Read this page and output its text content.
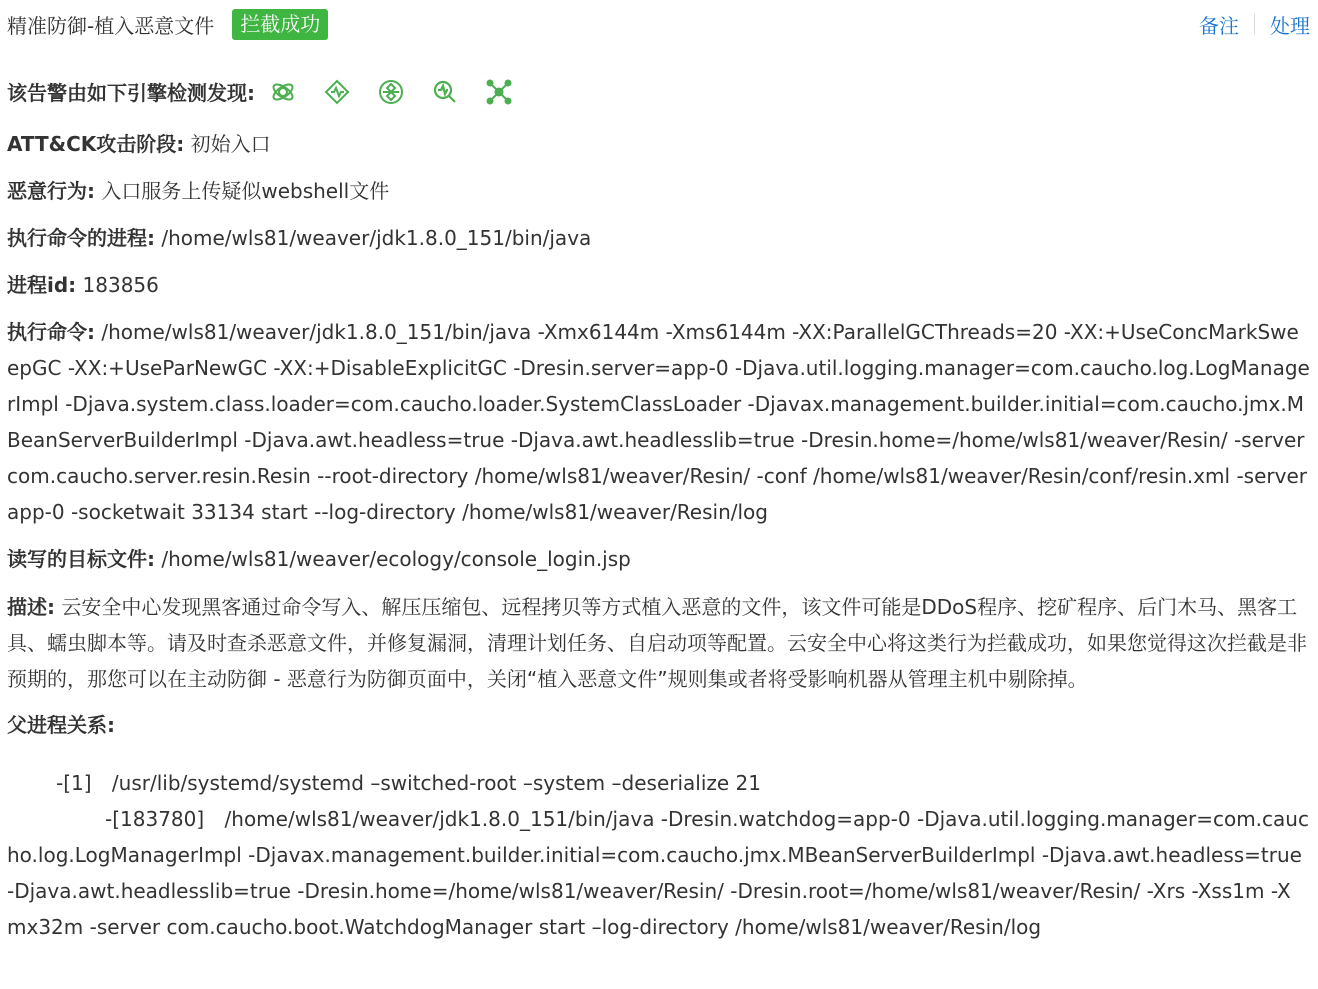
精准防御-植入恶意文件	拦截成功	备注 处理
该告警由如下引擎检测发现:
ATT&CK攻击阶段: 初始入口
恶意行为: 入口服务上传疑似webshell文件
执行命令的进程: /home/wls81/weaver/jdk1.8.0_151/bin/java
进程id: 183856
执行命令: /home/wls81/weaver/jdk1.8.0_151/bin/java -Xmx6144m -Xms6144m -XX:ParallelGCThreads=20 -XX:+UseConcMarkSweepGC -XX:+UseParNewGC -XX:+DisableExplicitGC -Dresin.server=app-0 -Djava.util.logging.manager=com.caucho.log.LogManagerImpl -Djava.system.class.loader=com.caucho.loader.SystemClassLoader -Djavax.management.builder.initial=com.caucho.jmx.MBeanServerBuilderImpl -Djava.awt.headless=true -Djava.awt.headlesslib=true -Dresin.home=/home/wls81/weaver/Resin/ -server com.caucho.server.resin.Resin --root-directory /home/wls81/weaver/Resin/ -conf /home/wls81/weaver/Resin/conf/resin.xml -server app-0 -socketwait 33134 start --log-directory /home/wls81/weaver/Resin/log
读写的目标文件: /home/wls81/weaver/ecology/console_login.jsp
描述: 云安全中心发现黑客通过命令写入、解压压缩包、远程拷贝等方式植入恶意的文件，该文件可能是DDoS程序、挖矿程序、后门木马、黑客工具、蠕虫脚本等。请及时查杀恶意文件，并修复漏洞，清理计划任务、自启动项等配置。云安全中心将这类行为拦截成功，如果您觉得这次拦截是非预期的，那您可以在主动防御 - 恶意行为防御页面中，关闭“植入恶意文件”规则集或者将受影响机器从管理主机中剔除掉。
父进程关系:
-[1] /usr/lib/systemd/systemd –switched-root –system –deserialize 21
-[183780] /home/wls81/weaver/jdk1.8.0_151/bin/java -Dresin.watchdog=app-0 -Djava.util.logging.manager=com.caucho.log.LogManagerImpl -Djavax.management.builder.initial=com.caucho.jmx.MBeanServerBuilderImpl -Djava.awt.headless=true -Djava.awt.headlesslib=true -Dresin.home=/home/wls81/weaver/Resin/ -Dresin.root=/home/wls81/weaver/Resin/ -Xrs -Xss1m -Xmx32m -server com.caucho.boot.WatchdogManager start –log-directory /home/wls81/weaver/Resin/log
